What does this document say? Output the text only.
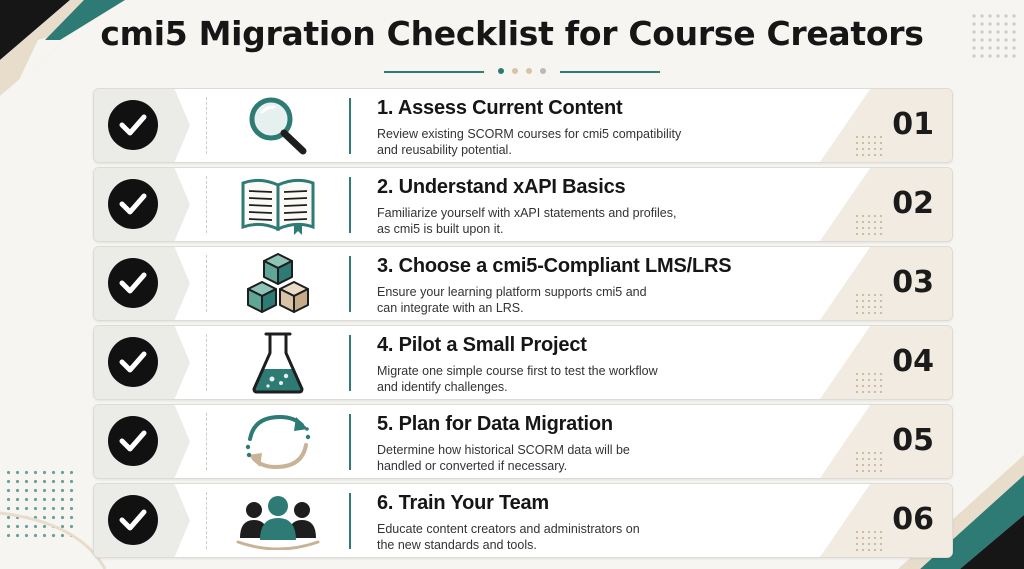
cmi5 Migration Checklist for Course Creators
1. Assess Current Content
Review existing SCORM courses for cmi5 compatibility
and reusability potential.
01
2. Understand xAPI Basics
Familiarize yourself with xAPI statements and profiles,
as cmi5 is built upon it.
02
3. Choose a cmi5-Compliant LMS/LRS
Ensure your learning platform supports cmi5 and
can integrate with an LRS.
03
4. Pilot a Small Project
Migrate one simple course first to test the workflow
and identify challenges.
04
5. Plan for Data Migration
Determine how historical SCORM data will be
handled or converted if necessary.
05
6. Train Your Team
Educate content creators and administrators on
the new standards and tools.
06
